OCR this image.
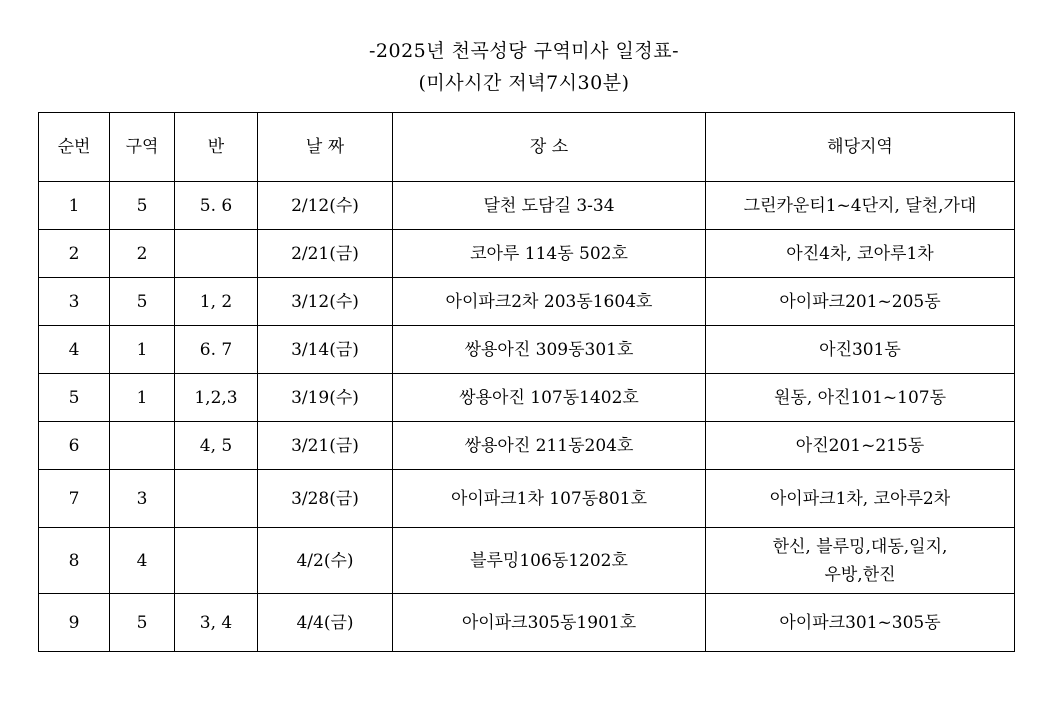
-2025년 천곡성당 구역미사 일정표-
(미사시간 저녁7시30분)
순번	구역	반	날 짜	장 소	해당지역
1	5	5. 6	2/12(수)	달천 도담길 3-34	그린카운티1~4단지, 달천,가대
2	2		2/21(금)	코아루 114동 502호	아진4차, 코아루1차
3	5	1, 2	3/12(수)	아이파크2차 203동1604호	아이파크201~205동
4	1	6. 7	3/14(금)	쌍용아진 309동301호	아진301동
5	1	1,2,3	3/19(수)	쌍용아진 107동1402호	원동, 아진101~107동
6		4, 5	3/21(금)	쌍용아진 211동204호	아진201~215동
7	3		3/28(금)	아이파크1차 107동801호	아이파크1차, 코아루2차
8	4		4/2(수)	블루밍106동1202호	한신, 블루밍,대동,일지,
우방,한진
9	5	3, 4	4/4(금)	아이파크305동1901호	아이파크301~305동
